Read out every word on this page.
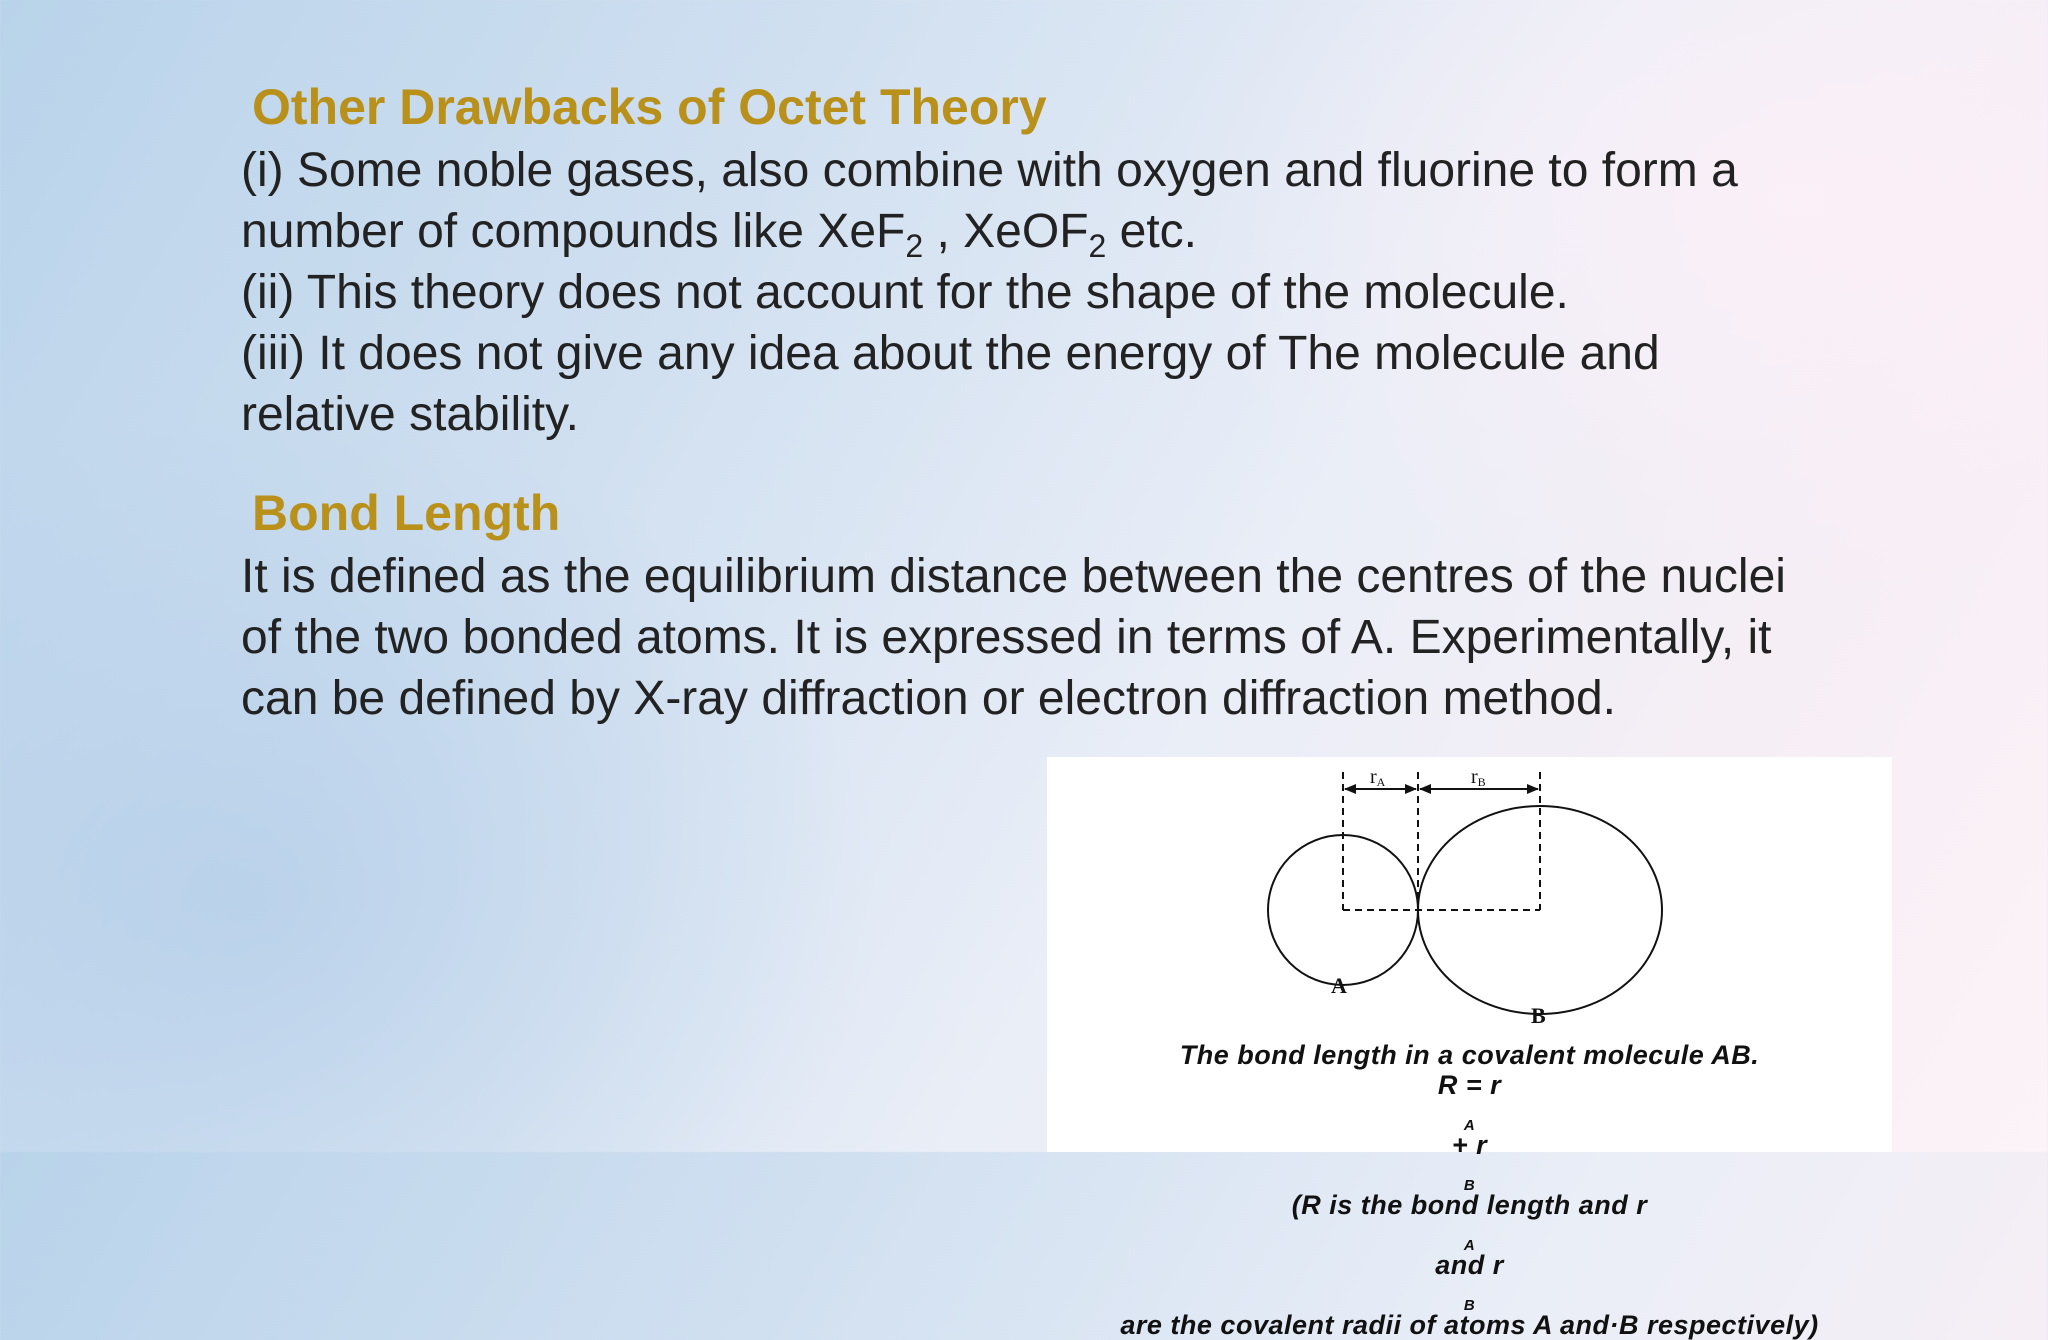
Other Drawbacks of Octet Theory
(i) Some noble gases, also combine with oxygen and fluorine to form a
number of compounds like XeF$_2$ , XeOF$_2$ etc.
(ii) This theory does not account for the shape of the molecule.
(iii) It does not give any idea about the energy of The molecule and
relative stability.
Bond Length
It is defined as the equilibrium distance between the centres of the nuclei
of the two bonded atoms. It is expressed in terms of A. Experimentally, it
can be defined by X-ray diffraction or electron diffraction method.
rA	rB
A
B
The bond length in a covalent molecule AB.
R = r
$_A$
+ r
$_B$
(R is the bond length and r
$_A$
and r
$_B$
are the covalent radii of atoms A and·B respectively)
